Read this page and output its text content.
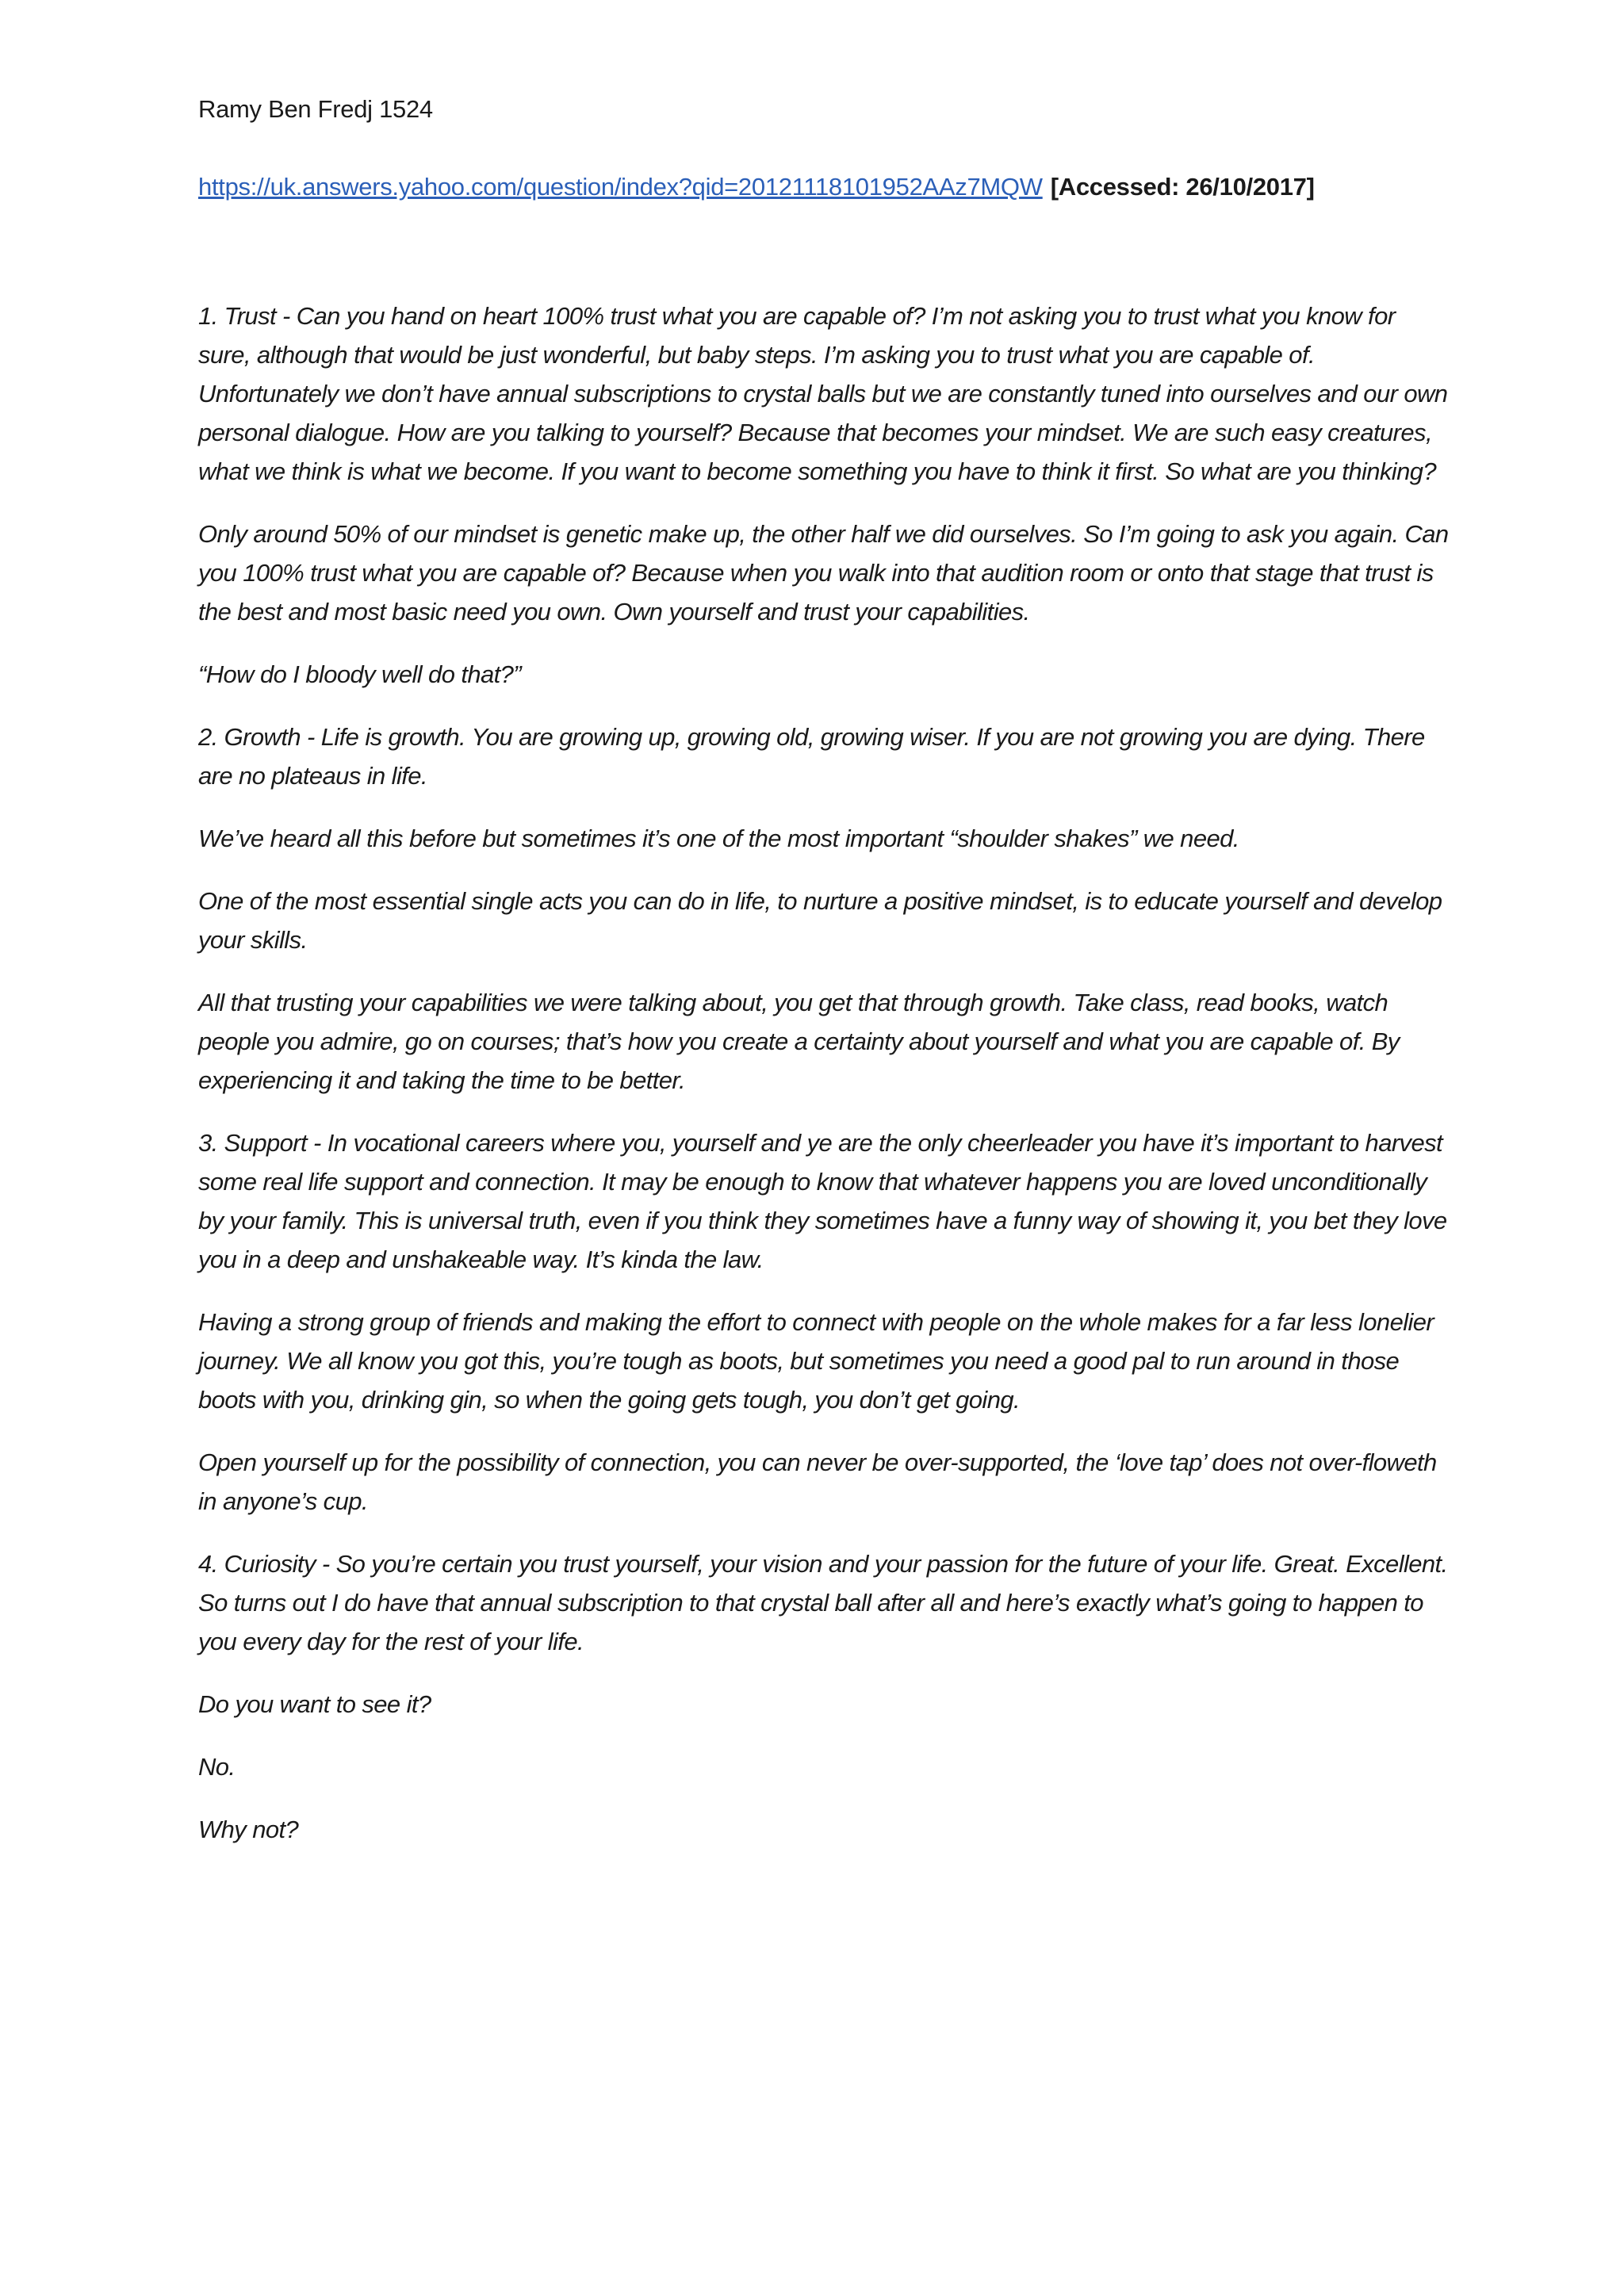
Ramy Ben Fredj 1524
https://uk.answers.yahoo.com/question/index?qid=20121118101952AAz7MQW [Accessed: 26/10/2017]

1. Trust - Can you hand on heart 100% trust what you are capable of? I’m not asking you to trust what you know for sure, although that would be just wonderful, but baby steps. I’m asking you to trust what you are capable of. Unfortunately we don’t have annual subscriptions to crystal balls but we are constantly tuned into ourselves and our own personal dialogue. How are you talking to yourself? Because that becomes your mindset. We are such easy creatures, what we think is what we become. If you want to become something you have to think it first. So what are you thinking?

Only around 50% of our mindset is genetic make up, the other half we did ourselves. So I’m going to ask you again. Can you 100% trust what you are capable of? Because when you walk into that audition room or onto that stage that trust is the best and most basic need you own. Own yourself and trust your capabilities.

“How do I bloody well do that?”

2. Growth - Life is growth. You are growing up, growing old, growing wiser. If you are not growing you are dying. There are no plateaus in life.

We’ve heard all this before but sometimes it’s one of the most important “shoulder shakes” we need.

One of the most essential single acts you can do in life, to nurture a positive mindset, is to educate yourself and develop your skills.

All that trusting your capabilities we were talking about, you get that through growth. Take class, read books, watch people you admire, go on courses; that’s how you create a certainty about yourself and what you are capable of. By experiencing it and taking the time to be better.

3. Support - In vocational careers where you, yourself and ye are the only cheerleader you have it’s important to harvest some real life support and connection. It may be enough to know that whatever happens you are loved unconditionally by your family. This is universal truth, even if you think they sometimes have a funny way of showing it, you bet they love you in a deep and unshakeable way. It’s kinda the law.

Having a strong group of friends and making the effort to connect with people on the whole makes for a far less lonelier journey. We all know you got this, you’re tough as boots, but sometimes you need a good pal to run around in those boots with you, drinking gin, so when the going gets tough, you don’t get going.

Open yourself up for the possibility of connection, you can never be over-supported, the ‘love tap’ does not over-floweth in anyone’s cup.

4. Curiosity - So you’re certain you trust yourself, your vision and your passion for the future of your life. Great. Excellent. So turns out I do have that annual subscription to that crystal ball after all and here’s exactly what’s going to happen to you every day for the rest of your life.

Do you want to see it?

No.

Why not?
